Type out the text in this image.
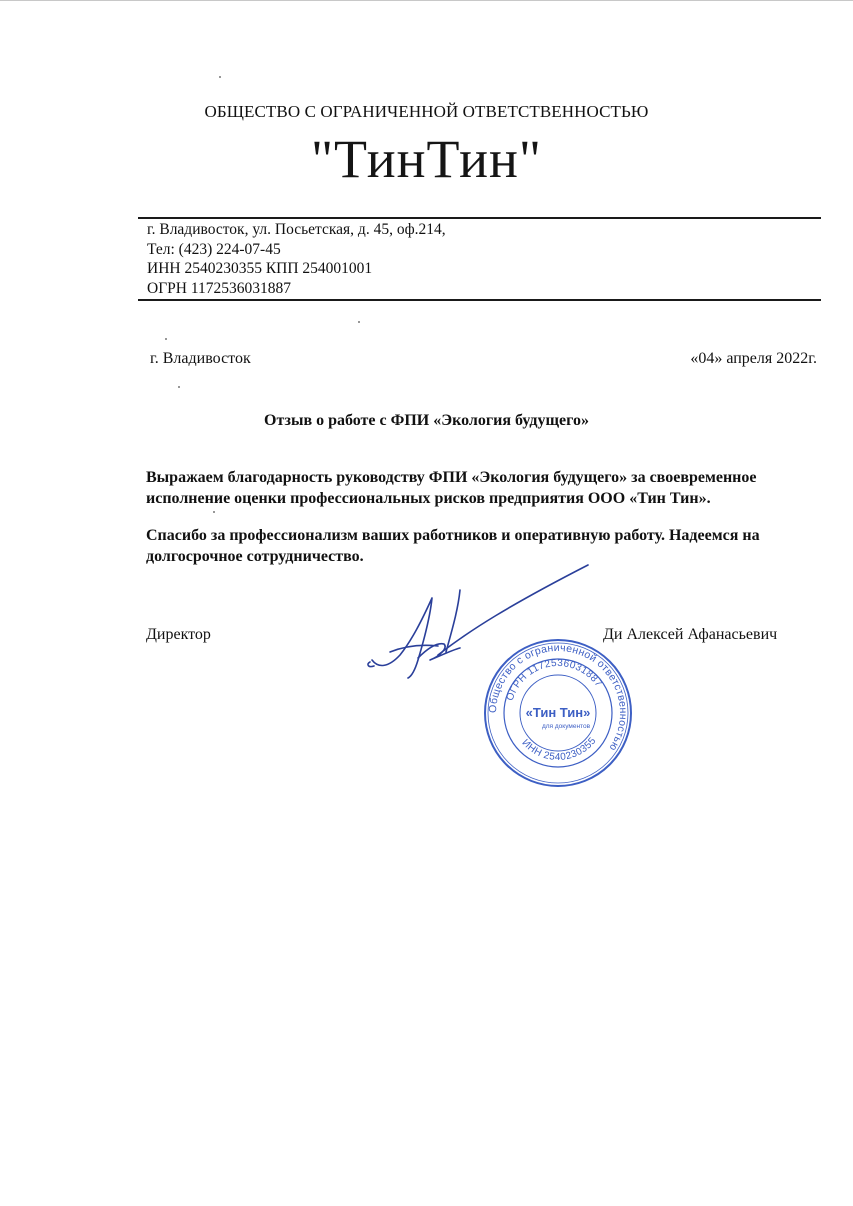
ОБЩЕСТВО С ОГРАНИЧЕННОЙ ОТВЕТСТВЕННОСТЬЮ
"ТинТин"
г. Владивосток, ул. Посьетская, д. 45, оф.214,
Тел: (423) 224-07-45
ИНН 2540230355 КПП 254001001
ОГРН 1172536031887
г. Владивосток	«04» апреля 2022г.
Отзыв о работе с ФПИ «Экология будущего»
Выражаем благодарность руководству ФПИ «Экология будущего» за своевременное исполнение оценки профессиональных рисков предприятия ООО «Тин Тин».
Спасибо за профессионализм ваших работников и оперативную работу. Надеемся на долгосрочное сотрудничество.
Директор	Ди Алексей Афанасьевич
Общество с ограниченной ответственностью
ОГРН 1172536031887
ИНН 2540230355
«Тин Тин»
для документов
